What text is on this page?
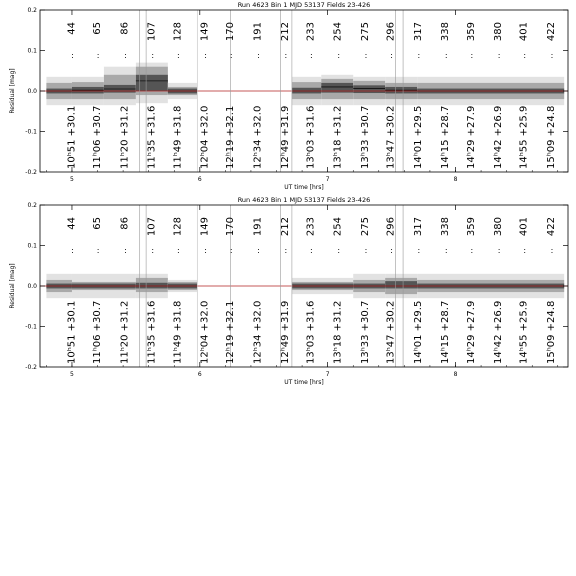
Run 4623 Bin 1 MJD 53137 Fields 23-426
44
:
65
:
86
:
107
:
128
:
149
:
170
:
191
:
212
:
233
:
254
:
275
:
296
:
317
:
338
:
359
:
380
:
401
:
422
:
10ʰ51 +30.1 11ʰ06 +30.7 11ʰ20 +31.2 11ʰ35 +31.6 11ʰ49 +31.8 12ʰ04 +32.0 12ʰ19 +32.1 12ʰ34 +32.0 12ʰ49 +31.9 13ʰ03 +31.6 13ʰ18 +31.2 13ʰ33 +30.7 13ʰ47 +30.2 14ʰ01 +29.5 14ʰ15 +28.7 14ʰ29 +27.9 14ʰ42 +26.9 14ʰ55 +25.9 15ʰ09 +24.8
5	6	7	8
-0.2
-0.1
0.0
0.1
0.2
UT time [hrs]
Residual [mag]
Run 4623 Bin 1 MJD 53137 Fields 23-426
44
:
65
:
86
:
107
:
128
:
149
:
170
:
191
:
212
:
233
:
254
:
275
:
296
:
317
:
338
:
359
:
380
:
401
:
422
:
10ʰ51 +30.1 11ʰ06 +30.7 11ʰ20 +31.2 11ʰ35 +31.6 11ʰ49 +31.8 12ʰ04 +32.0 12ʰ19 +32.1 12ʰ34 +32.0 12ʰ49 +31.9 13ʰ03 +31.6 13ʰ18 +31.2 13ʰ33 +30.7 13ʰ47 +30.2 14ʰ01 +29.5 14ʰ15 +28.7 14ʰ29 +27.9 14ʰ42 +26.9 14ʰ55 +25.9 15ʰ09 +24.8
5	6	7	8
-0.2
-0.1
0.0
0.1
0.2
UT time [hrs]
Residual [mag]
